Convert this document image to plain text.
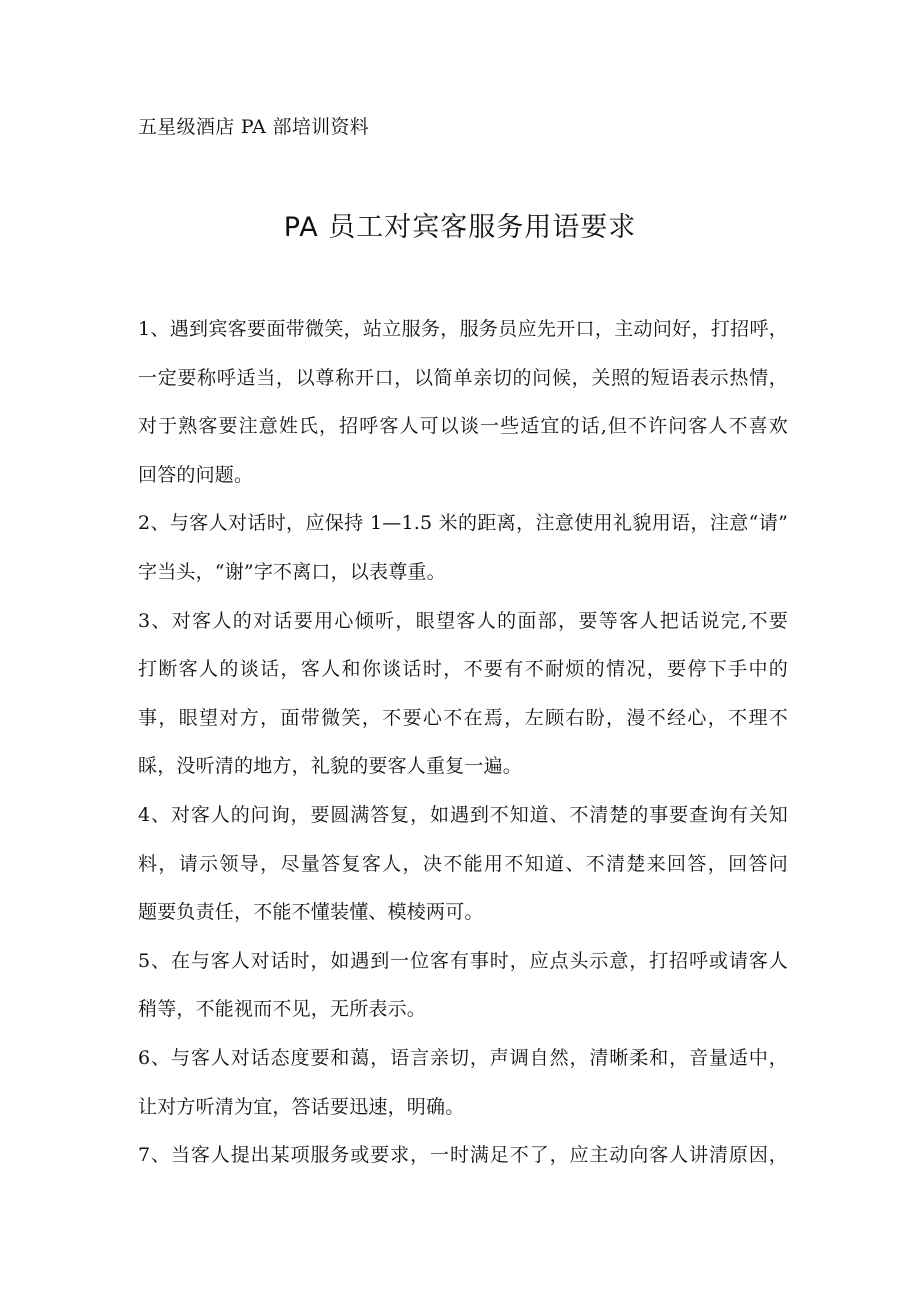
五星级酒店 PA 部培训资料
PA 员工对宾客服务用语要求
1、遇到宾客要面带微笑，站立服务，服务员应先开口，主动问好，打招呼，
一定要称呼适当，以尊称开口，以简单亲切的问候，关照的短语表示热情，
对于熟客要注意姓氏，招呼客人可以谈一些适宜的话,但不许问客人不喜欢
回答的问题。
2、与客人对话时，应保持 1—1.5 米的距离，注意使用礼貌用语，注意“请”
字当头，“谢”字不离口，以表尊重。
3、对客人的对话要用心倾听，眼望客人的面部，要等客人把话说完,不要
打断客人的谈话，客人和你谈话时，不要有不耐烦的情况，要停下手中的
事，眼望对方，面带微笑，不要心不在焉，左顾右盼，漫不经心，不理不
睬，没听清的地方，礼貌的要客人重复一遍。
4、对客人的问询，要圆满答复，如遇到不知道、不清楚的事要查询有关知
料，请示领导，尽量答复客人，决不能用不知道、不清楚来回答，回答问
题要负责任，不能不懂装懂、模棱两可。
5、在与客人对话时，如遇到一位客有事时，应点头示意，打招呼或请客人
稍等，不能视而不见，无所表示。
6、与客人对话态度要和蔼，语言亲切，声调自然，清晰柔和，音量适中，
让对方听清为宜，答话要迅速，明确。
7、当客人提出某项服务或要求，一时满足不了，应主动向客人讲清原因，
